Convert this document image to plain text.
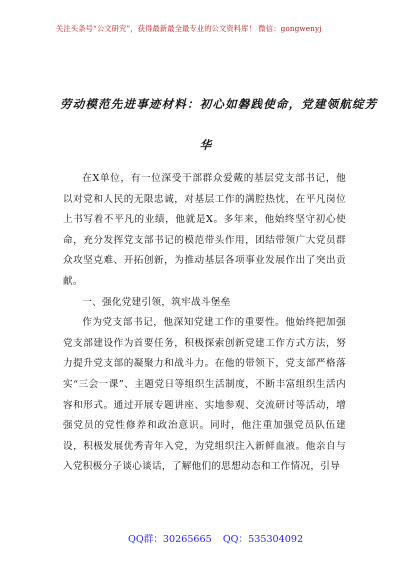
关注头条号“公文研究”，获得最新最全最专业的公文资料库！ 微信：gongwenyj
劳动模范先进事迹材料：初心如磐践使命，党建领航绽芳
华

在X单位，有一位深受干部群众爱戴的基层党支部书记，他以对党和人民的无限忠诚，对基层工作的满腔热忱，在平凡岗位上书写着不平凡的业绩，他就是X。多年来，他始终坚守初心使命，充分发挥党支部书记的模范带头作用，团结带领广大党员群众攻坚克难、开拓创新，为推动基层各项事业发展作出了突出贡献。

一、强化党建引领，筑牢战斗堡垒

作为党支部书记，他深知党建工作的重要性。他始终把加强党支部建设作为首要任务，积极探索创新党建工作方式方法，努力提升党支部的凝聚力和战斗力。在他的带领下，党支部严格落实“三会一课”、主题党日等组织生活制度，不断丰富组织生活内容和形式。通过开展专题讲座、实地参观、交流研讨等活动，增强党员的党性修养和政治意识。同时，他注重加强党员队伍建设，积极发展优秀青年入党，为党组织注入新鲜血液。他亲自与入党积极分子谈心谈话，了解他们的思想动态和工作情况，引导

QQ群：30265665 QQ：535304092
